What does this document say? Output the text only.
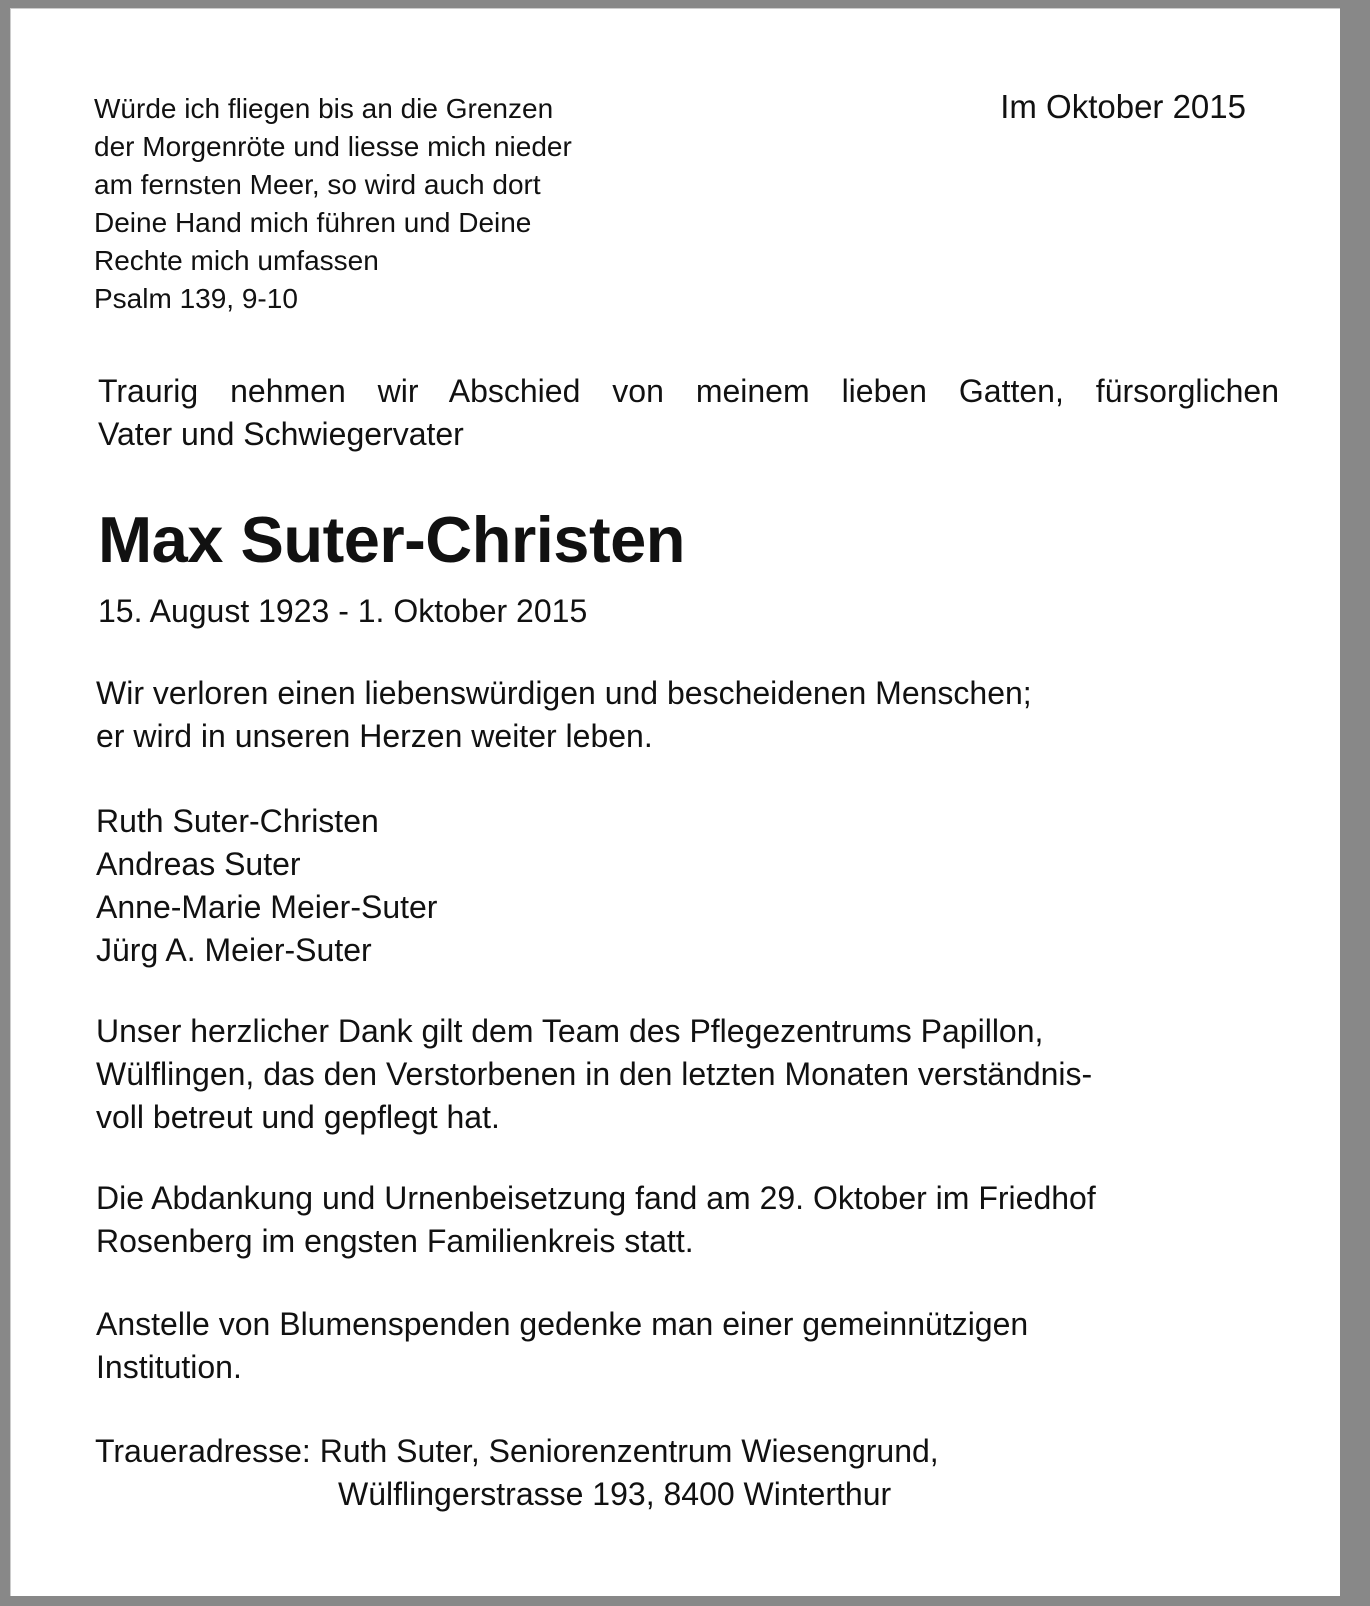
Würde ich fliegen bis an die Grenzen
der Morgenröte und liesse mich nieder
am fernsten Meer, so wird auch dort
Deine Hand mich führen und Deine
Rechte mich umfassen
Psalm 139, 9-10
Im Oktober 2015
Traurig nehmen wir Abschied von meinem lieben Gatten, fürsorglichen
Vater und Schwiegervater
Max Suter-Christen
15. August 1923 - 1. Oktober 2015
Wir verloren einen liebenswürdigen und bescheidenen Menschen;
er wird in unseren Herzen weiter leben.
Ruth Suter-Christen
Andreas Suter
Anne-Marie Meier-Suter
Jürg A. Meier-Suter
Unser herzlicher Dank gilt dem Team des Pflegezentrums Papillon,
Wülflingen, das den Verstorbenen in den letzten Monaten verständnis-
voll betreut und gepflegt hat.
Die Abdankung und Urnenbeisetzung fand am 29. Oktober im Friedhof
Rosenberg im engsten Familienkreis statt.
Anstelle von Blumenspenden gedenke man einer gemeinnützigen
Institution.
Traueradresse: Ruth Suter, Seniorenzentrum Wiesengrund,
Wülflingerstrasse 193, 8400 Winterthur
